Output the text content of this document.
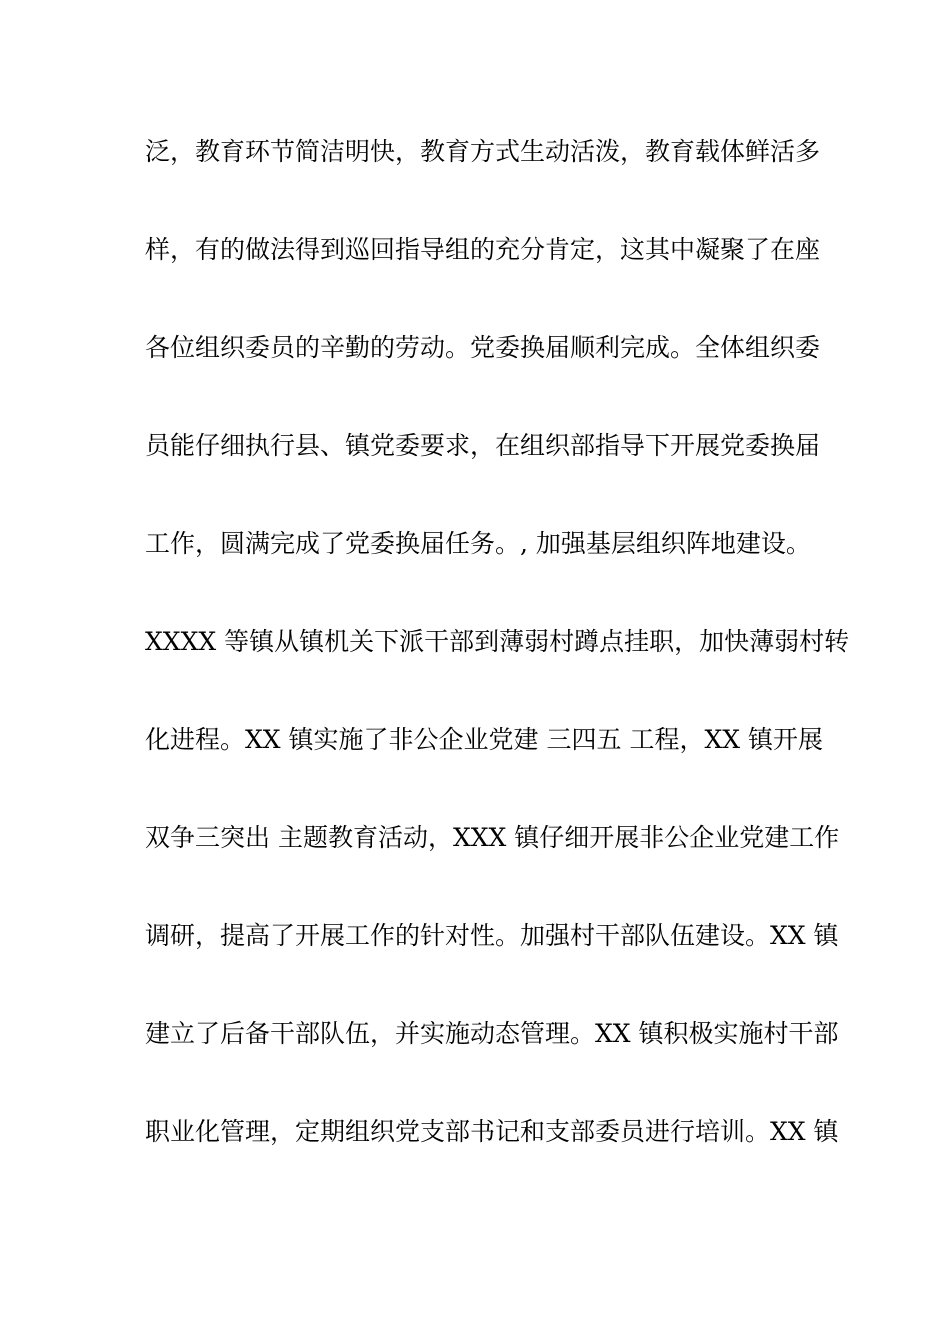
泛，教育环节简洁明快，教育方式生动活泼，教育载体鲜活多
样，有的做法得到巡回指导组的充分肯定，这其中凝聚了在座
各位组织委员的辛勤的劳动。党委换届顺利完成。全体组织委
员能仔细执行县、镇党委要求，在组织部指导下开展党委换届
工作，圆满完成了党委换届任务。, 加强基层组织阵地建设。
XXXX 等镇从镇机关下派干部到薄弱村蹲点挂职，加快薄弱村转
化进程。XX 镇实施了非公企业党建 三四五 工程，XX 镇开展
双争三突出 主题教育活动，XXX 镇仔细开展非公企业党建工作
调研，提高了开展工作的针对性。加强村干部队伍建设。XX 镇
建立了后备干部队伍，并实施动态管理。XX 镇积极实施村干部
职业化管理，定期组织党支部书记和支部委员进行培训。XX 镇
